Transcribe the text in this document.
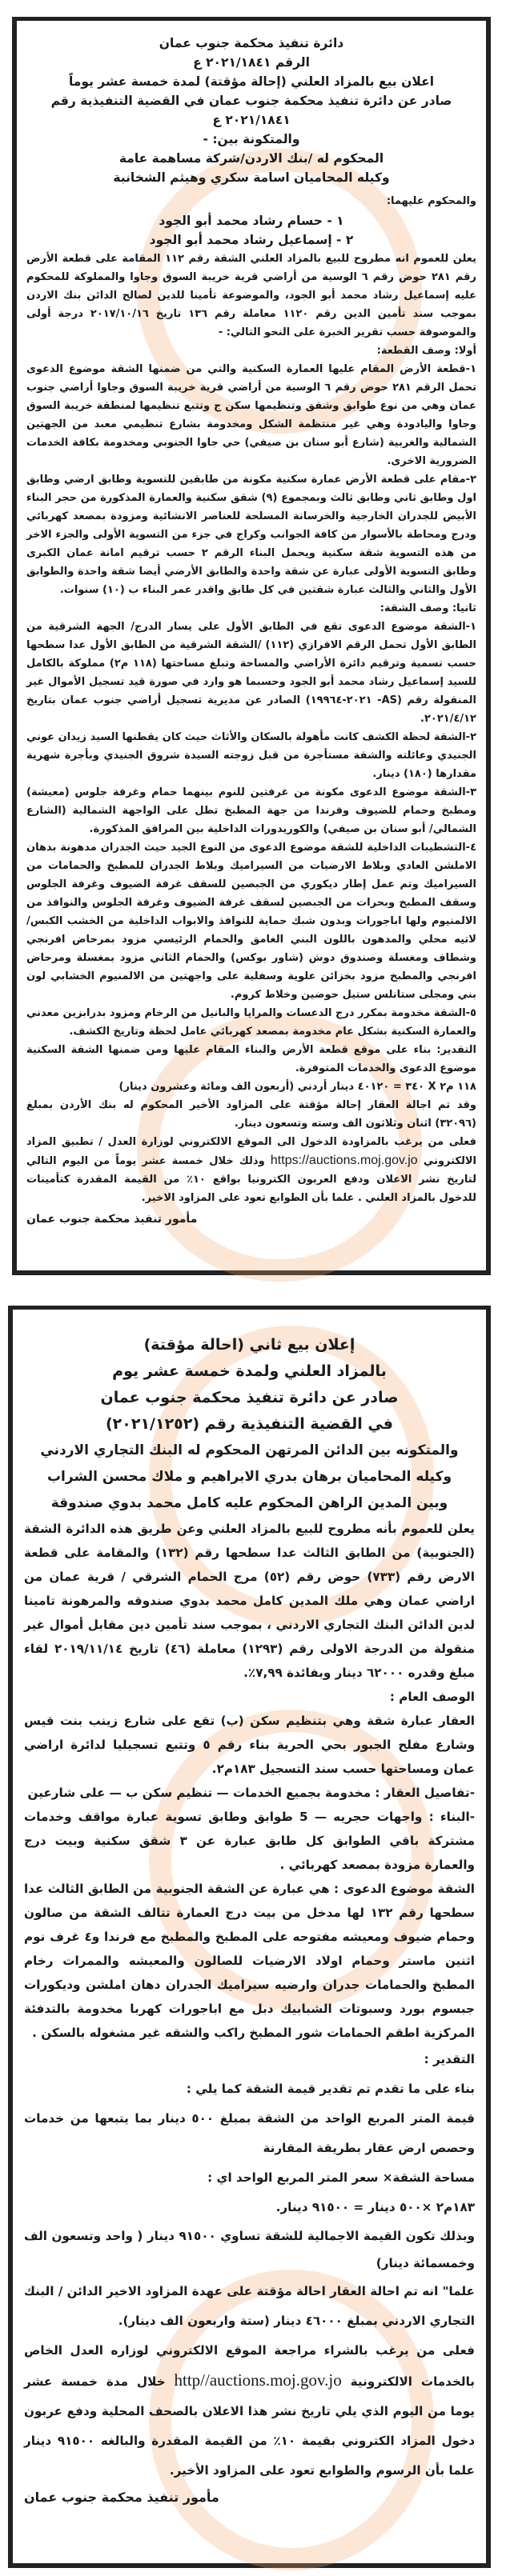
دائرة تنفيذ محكمة جنوب عمان
الرقم ٢٠٢١/١٨٤١ ع
اعلان بيع بالمزاد العلني (إحالة مؤقتة) لمدة خمسة عشر يوماً
صادر عن دائرة تنفيذ محكمة جنوب عمان في القضية التنفيذية رقم ٢٠٢١/١٨٤١ ع
والمتكونة بين: -
المحكوم له /بنك الاردن/شركة مساهمة عامة
وكيله المحاميان اسامة سكري وهيثم الشخانبة
والمحكوم عليهما:
١ - حسام رشاد محمد أبو الجود
٢ - إسماعيل رشاد محمد أبو الجود

يعلن للعموم انه مطروح للبيع بالمزاد العلني الشقة رقم ١١٢ المقامة على قطعة الأرض رقم ٢٨١ حوض رقم ٦ الوسية من أراضي قرية خريبة السوق وجاوا والمملوكة للمحكوم عليه إسماعيل رشاد محمد أبو الجود، والموضوعة تأمينا للدين لصالح الدائن بنك الاردن بموجب سند تأمين الدين رقم ١١٢٠ معاملة رقم ١٣٦ تاريخ ٢٠١٧/١٠/١٦ درجة أولى والموصوفة حسب تقرير الخبرة على النحو التالي: -

أولا: وصف القطعة:

١-قطعة الأرض المقام عليها العمارة السكنية والتي من ضمنها الشقة موضوع الدعوى تحمل الرقم ٢٨١ حوض رقم ٦ الوسية من أراضي قرية خريبة السوق وجاوا أراضي جنوب عمان وهي من نوع طوابق وشقق وتنظيمها سكن ج وتتبع تنظيمها لمنطقة خريبة السوق وجاوا واليادودة وهي غير منتظمة الشكل ومخدومة بشارع تنظيمي معبد من الجهتين الشمالية والغربية (شارع أبو سنان بن صيفي) حي جاوا الجنوبي ومخدومة بكافة الخدمات الضرورية الاخرى.

٢-مقام على قطعة الأرض عمارة سكنية مكونة من طابقين للتسوية وطابق ارضي وطابق اول وطابق ثاني وطابق ثالث وبمجموع (٩) شقق سكنية والعمارة المذكورة من حجر البناء الأبيض للجدران الخارجية والخرسانة المسلحة للعناصر الانشائية ومزودة بمصعد كهربائي ودرج ومحاطة بالأسوار من كافة الجوانب وكراج في جزء من التسوية الأولى والجزء الاخر من هذه التسوية شقة سكنية ويحمل البناء الرقم ٢ حسب ترقيم امانة عمان الكبرى وطابق التسوية الأولى عبارة عن شقة واحدة والطابق الأرضي أيضا شقة واحدة والطوابق الأول والثاني والثالث عبارة شقتين في كل طابق واقدر عمر البناء ب (١٠) سنوات.

ثانيا: وصف الشقة:

١-الشقة موضوع الدعوى تقع في الطابق الأول على يسار الدرج/ الجهة الشرقية من الطابق الأول تحمل الرقم الافرازي (١١٢) /الشقة الشرقية من الطابق الأول عدا سطحها حسب تسمية وترقيم دائرة الأراضي والمساحة وتبلغ مساحتها (١١٨ م٢) مملوكة بالكامل للسيد إسماعيل رشاد محمد أبو الجود وحسبما هو وارد في صورة قيد تسجيل الأموال غير المنقولة رقم (AS- ٢٠٢١-١٩٩٦٤) الصادر عن مديرية تسجيل أراضي جنوب عمان بتاريخ ٢٠٢١/٤/١٢.

٢-الشقة لحظة الكشف كانت مأهولة بالسكان والأثاث حيث كان يقطنها السيد زيدان عوني الجنيدي وعائلته والشقة مستأجرة من قبل زوجته السيدة شروق الجنيدي وبأجرة شهرية مقدارها (١٨٠) دينار.

٣-الشقة موضوع الدعوى مكونة من غرفتين للنوم بينهما حمام وغرفة جلوس (معيشة) ومطبخ وحمام للضيوف وفرندا من جهة المطبخ تطل على الواجهة الشمالية (الشارع الشمالي/ أبو سنان بن صيفي) والكوريدورات الداخلية بين المرافق المذكورة.

٤-التشطيبات الداخلية للشقة موضوع الدعوى من النوع الجيد حيث الجدران مدهونة بدهان الاملشن العادي وبلاط الارضيات من السيراميك وبلاط الجدران للمطبخ والحمامات من السيراميك وتم عمل إطار ديكوري من الجبصين للسقف غرفة الضيوف وغرفة الجلوس وسقف المطبخ وبحرات من الجبصين لسقف غرفة الضيوف وغرفة الجلوس والنوافذ من الالمنيوم ولها اباجورات وبدون شبك حماية للنوافذ والابواب الداخلية من الخشب الكبس/ لاتيه محلي والمدهون باللون البني الغامق والحمام الرئيسي مزود بمرحاض افرنجي وشطاف ومغسلة وصندوق دوش (شاور بوكس) والحمام الثاني مزود بمغسلة ومرحاض افرنجي والمطبخ مزود بخزائن علوية وسفلية على واجهتين من الالمنيوم الخشابي لون بني ومجلى ستانلس ستيل حوضين وخلاط كروم.

٥-الشقة مخدومة بمكرر درج الدعسات والمرايا والبانيل من الرخام ومزود بدرابزين معدني والعمارة السكنية بشكل عام مخدومة بمصعد كهربائي عامل لحظة وتاريخ الكشف.

التقدير: بناء على موقع قطعة الأرض والبناء المقام عليها ومن ضمنها الشقة السكنية موضوع الدعوى والخدمات المتوفرة.

١١٨ م٢ X ٣٤٠ = ٤٠١٢٠ دينار أردني (أربعون الف ومائة وعشرون دينار)

وقد تم اجالة العقار إحالة مؤقتة على المزاود الأخير المحكوم له بنك الأردن بمبلغ (٣٢٠٩٦) اثنان وثلاثون الف وسته وتسعون دينار.

فعلى من يرغب بالمزاودة الدخول الى الموقع الالكتروني لوزارة العدل / تطبيق المزاد الالكتروني https://auctions.moj.gov.jo وذلك خلال خمسة عشر يوماً من اليوم التالي لتاريخ نشر الاعلان ودفع العربون الكترونيا بواقع ١٠٪ من القيمة المقدرة كتأمينات للدخول بالمزاد العلني . علما بأن الطوابع تعود على المزاود الاخير.

مأمور تنفيذ محكمة جنوب عمان

إعلان بيع ثاني (احالة مؤقتة)
بالمزاد العلني ولمدة خمسة عشر يوم
صادر عن دائرة تنفيذ محكمة جنوب عمان
في القضية التنفيذية رقم (٢٠٢١/١٢٥٢)
والمتكونه بين الدائن المرتهن المحكوم له البنك التجاري الاردني
وكيله المحاميان برهان بدري الابراهيم و ملاك محسن الشراب
وبين المدين الراهن المحكوم عليه كامل محمد بدوي صندوقة

يعلن للعموم بأنه مطروح للبيع بالمزاد العلني وعن طريق هذه الدائرة الشقة (الجنوبية) من الطابق الثالث عدا سطحها رقم (١٣٢) والمقامة على قطعة الارض رقم (٧٣٣) حوض رقم (٥٢) مرج الحمام الشرقي / قرية عمان من اراضي عمان وهي ملك المدين كامل محمد بدوي صندوقه والمرهونة تامينا لدين الدائن البنك التجاري الاردني ، بموجب سند تأمين دين مقابل أموال غير منقولة من الدرجة الاولى رقم (١٢٩٣) معاملة (٤٦) تاريخ ٢٠١٩/١١/١٤ لقاء مبلغ وقدره ٦٢٠٠٠ دينار وبفائدة ٧,٩٩٪.

الوصف العام :

العقار عبارة شقة وهي بتنظيم سكن (ب) تقع على شارع زينب بنت قيس وشارع مفلح الجبور بحي الحرية بناء رقم ٥ وتتبع تسجيليا لدائرة اراضي عمان ومساحتها حسب سند التسجيل ١٨٣م٢.

-تفاصيل العقار : مخدومة بجميع الخدمات — تنظيم سكن ب — على شارعين

-البناء : واجهات حجريه — 5 طوابق وطابق تسوية عبارة مواقف وخدمات مشتركة باقي الطوابق كل طابق عبارة عن ٣ شقق سكنية وبيت درج والعمارة مزودة بمصعد كهربائي .

الشقة موضوع الدعوى : هي عبارة عن الشقة الجنوبية من الطابق الثالث عدا سطحها رقم ١٣٢ لها مدخل من بيت درج العمارة تتالف الشقة من صالون وحمام ضيوف ومعيشه مفتوحه على المطبخ والمطبخ مع فرندا و٤ غرف نوم اثنين ماستر وحمام اولاد الارضيات للصالون والمعيشه والممرات رخام المطبخ والحمامات جدران وارضيه سيراميك الجدران دهان املشن وديكورات جبسوم بورد وسبوتات الشبابيك دبل مع اباجورات كهربا مخدومة بالتدفئة المركزية اطقم الحمامات شور المطبخ راكب والشقه غير مشغوله بالسكن .

التقدير :

بناء على ما تقدم تم تقدير قيمة الشقة كما يلي :

قيمة المتر المربع الواحد من الشقة بمبلغ ٥٠٠ دينار بما يتبعها من خدمات وحصص ارض عقار بطريقة المقارنة

مساحة الشقة× سعر المتر المربع الواحد اي :

١٨٣م٢ ×٥٠٠ دينار = ٩١٥٠٠ دينار.

وبذلك تكون القيمة الاجمالية للشقة تساوي ٩١٥٠٠ دينار ( واحد وتسعون الف وخمسمائة دينار)

علما" انه تم احالة العقار احالة مؤقتة على عهدة المزاود الاخير الدائن / البنك التجاري الاردني بمبلغ ٤٦٠٠٠ دينار (ستة واربعون الف دينار).

فعلى من يرغب بالشراء مراجعة الموقع الالكتروني لوزاره العدل الخاص بالخدمات الالكترونية http//auctions.moj.gov.jo خلال مدة خمسة عشر يوما من اليوم الذي يلي تاريخ نشر هذا الاعلان بالصحف المحلية ودفع عربون دخول المزاد الكتروني بقيمة ١٠٪ من القيمة المقدرة والبالغه ٩١٥٠٠ دينار علما بأن الرسوم والطوابع تعود على المزاود الأخير.

مأمور تنفيذ محكمة جنوب عمان
